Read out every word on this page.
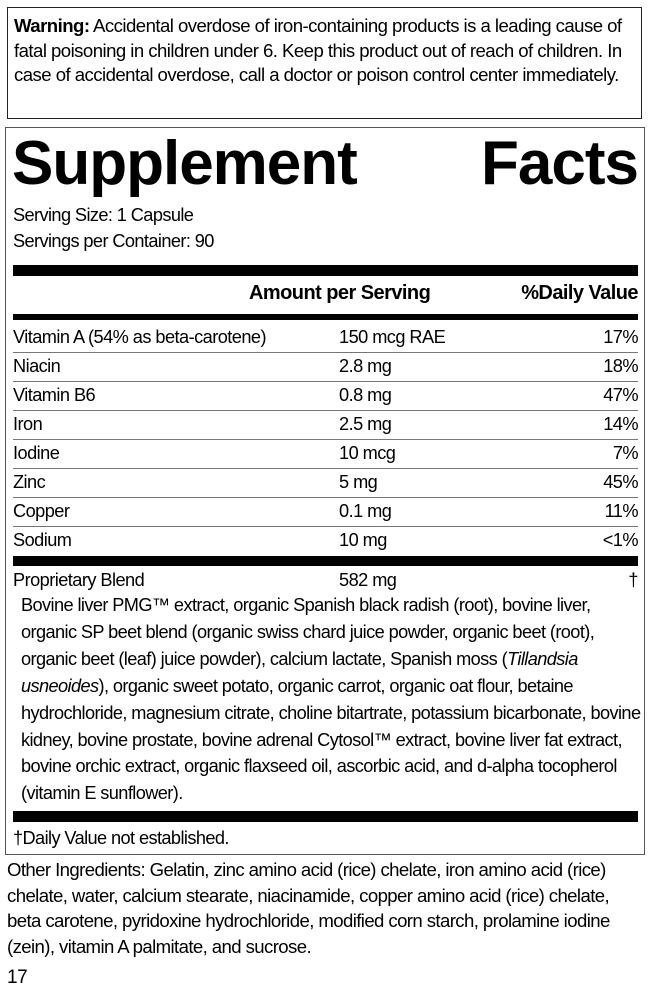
Warning: Accidental overdose of iron-containing products is a leading cause of fatal poisoning in children under 6. Keep this product out of reach of children. In case of accidental overdose, call a doctor or poison control center immediately.
Supplement Facts
Serving Size: 1 Capsule
Servings per Container: 90
Amount per Serving	%Daily Value
Vitamin A (54% as beta-carotene)	150 mcg RAE	17%
Niacin	2.8 mg	18%
Vitamin B6	0.8 mg	47%
Iron	2.5 mg	14%
Iodine	10 mcg	7%
Zinc	5 mg	45%
Copper	0.1 mg	11%
Sodium	10 mg	<1%
Proprietary Blend	582 mg	†
Bovine liver PMG™ extract, organic Spanish black radish (root), bovine liver, organic SP beet blend (organic swiss chard juice powder, organic beet (root), organic beet (leaf) juice powder), calcium lactate, Spanish moss (Tillandsia usneoides), organic sweet potato, organic carrot, organic oat flour, betaine hydrochloride, magnesium citrate, choline bitartrate, potassium bicarbonate, bovine kidney, bovine prostate, bovine adrenal Cytosol™ extract, bovine liver fat extract, bovine orchic extract, organic flaxseed oil, ascorbic acid, and d-alpha tocopherol (vitamin E sunflower).
†Daily Value not established.
Other Ingredients: Gelatin, zinc amino acid (rice) chelate, iron amino acid (rice) chelate, water, calcium stearate, niacinamide, copper amino acid (rice) chelate, beta carotene, pyridoxine hydrochloride, modified corn starch, prolamine iodine (zein), vitamin A palmitate, and sucrose.
17
